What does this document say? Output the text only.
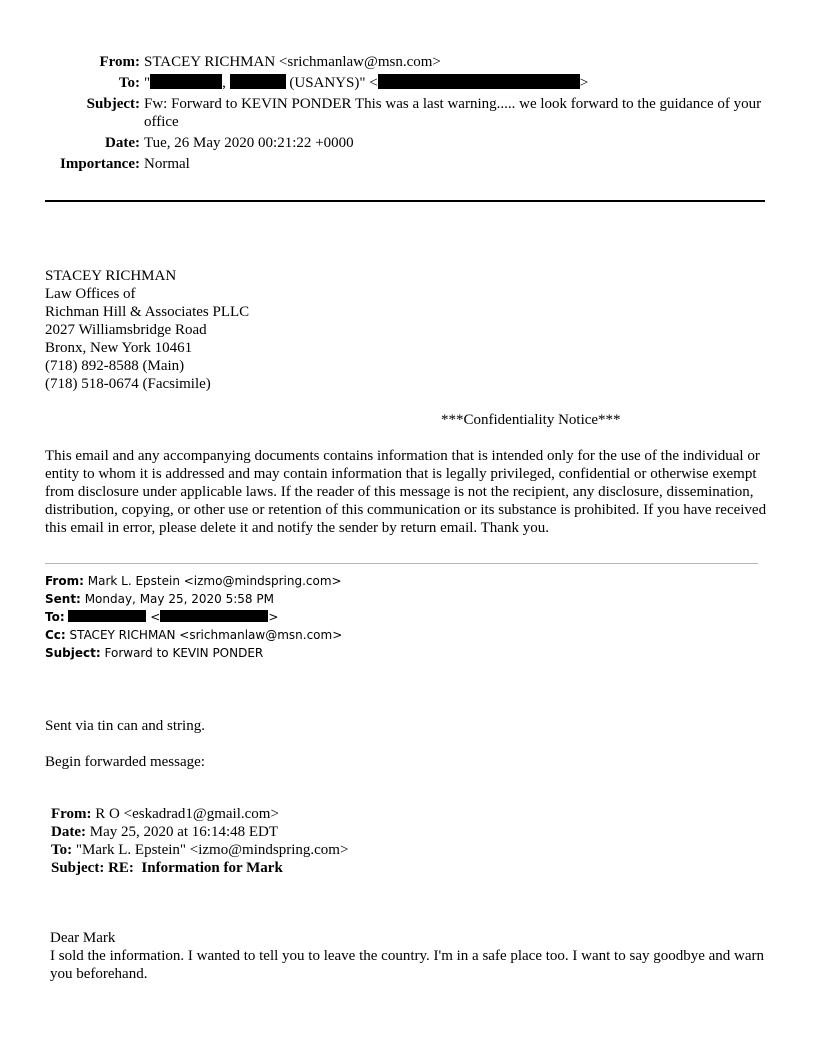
From: STACEY RICHMAN <srichmanlaw@msn.com>
To: "	,	(USANYS)" <	>
Subject: Fw: Forward to KEVIN PONDER This was a last warning..... we look forward to the guidance of your office
Date: Tue, 26 May 2020 00:21:22 +0000
Importance: Normal
STACEY RICHMAN
Law Offices of
Richman Hill & Associates PLLC
2027 Williamsbridge Road
Bronx, New York 10461
(718) 892-8588 (Main)
(718) 518-0674 (Facsimile)
***Confidentiality Notice***
This email and any accompanying documents contains information that is intended only for the use of the individual or entity to whom it is addressed and may contain information that is legally privileged, confidential or otherwise exempt from disclosure under applicable laws. If the reader of this message is not the recipient, any disclosure, dissemination, distribution, copying, or other use or retention of this communication or its substance is prohibited. If you have received this email in error, please delete it and notify the sender by return email. Thank you.
From: Mark L. Epstein <izmo@mindspring.com>
Sent: Monday, May 25, 2020 5:58 PM
To:	<	>
Cc: STACEY RICHMAN <srichmanlaw@msn.com>
Subject: Forward to KEVIN PONDER
Sent via tin can and string.
Begin forwarded message:
From: R O <eskadrad1@gmail.com>
Date: May 25, 2020 at 16:14:48 EDT
To: "Mark L. Epstein" <izmo@mindspring.com>
Subject: RE:  Information for Mark
Dear Mark
I sold the information. I wanted to tell you to leave the country. I'm in a safe place too. I want to say goodbye and warn you beforehand.
